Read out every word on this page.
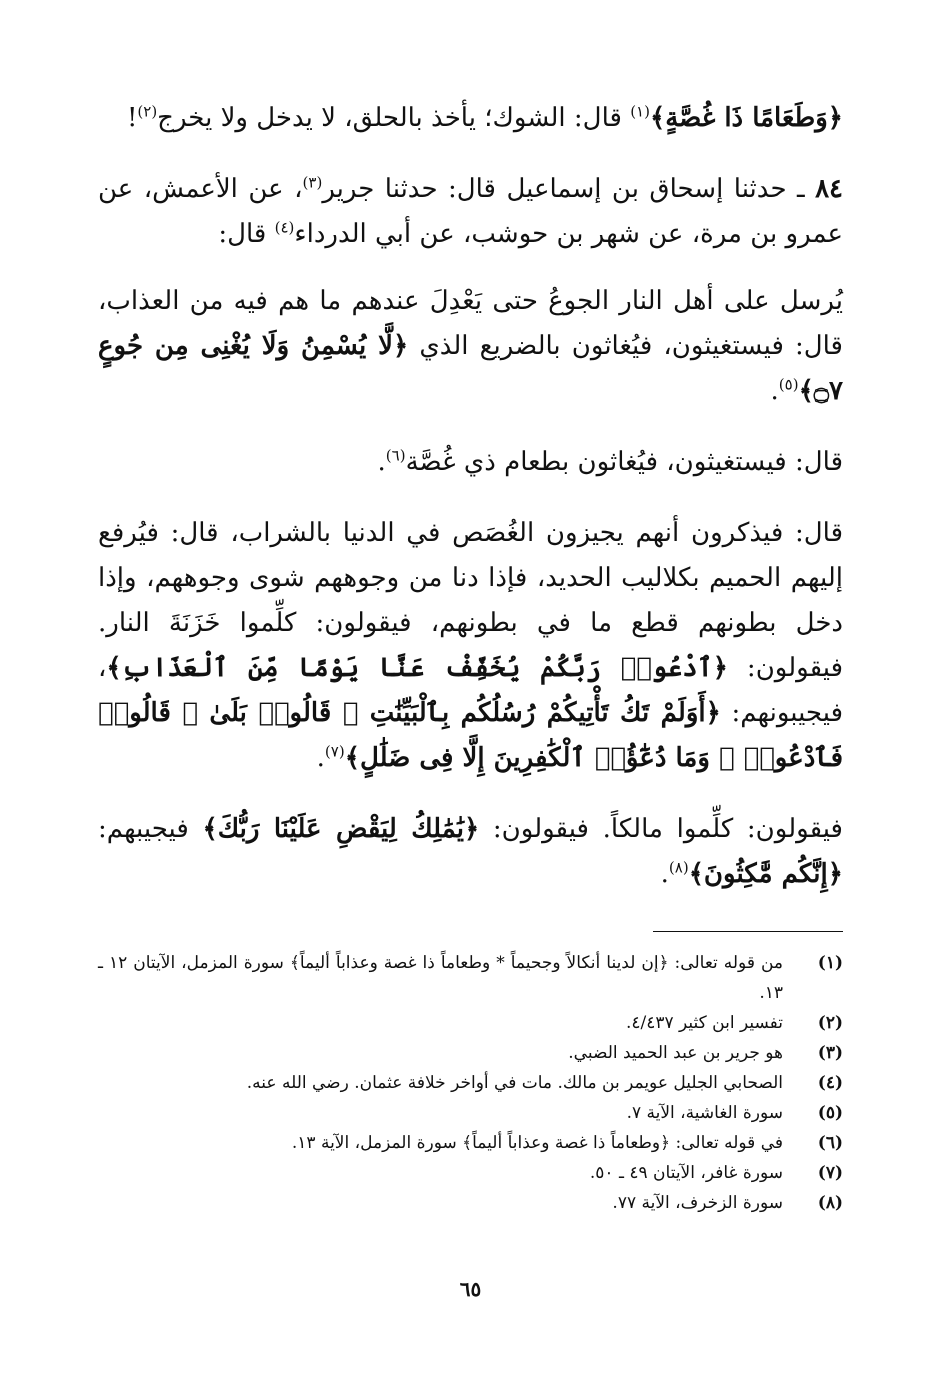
﴿وَطَعَامًا ذَا غُصَّةٍ﴾$^{(١)}$ قال: الشوك؛ يأخذ بالحلق، لا يدخل ولا يخرج$^{(٢)}$!

٨٤ ـ حدثنا إسحاق بن إسماعيل قال: حدثنا جرير$^{(٣)}$، عن الأعمش، عن عمرو بن مرة، عن شهر بن حوشب، عن أبي الدرداء$^{(٤)}$ قال:

يُرسل على أهل النار الجوعُ حتى يَعْدِلَ عندهم ما هم فيه من العذاب، قال: فيستغيثون، فيُغاثون بالضريع الذي ﴿لَّا يُسْمِنُ وَلَا يُغْنِى مِن جُوعٍ ۝٧﴾$^{(٥)}$.

قال: فيستغيثون، فيُغاثون بطعام ذي غُصَّة$^{(٦)}$.

قال: فيذكرون أنهم يجيزون الغُصَص في الدنيا بالشراب، قال: فيُرفع إليهم الحميم بكلاليب الحديد، فإذا دنا من وجوههم شوى وجوههم، وإذا دخل بطونهم قطع ما في بطونهم، فيقولون: كلِّموا خَزَنَةَ النار. فيقولون: ﴿ٱدْعُوا۟ رَبَّكُمْ يُخَفِّفْ عَنَّا يَوْمًا مِّنَ ٱلْعَذَابِ﴾، فيجيبونهم: ﴿أَوَلَمْ تَكُ تَأْتِيكُمْ رُسُلُكُم بِٱلْبَيِّنَٰتِ ۖ قَالُوا۟ بَلَىٰ ۚ قَالُوا۟ فَٱدْعُوا۟ ۗ وَمَا دُعَٰٓؤُا۟ ٱلْكَٰفِرِينَ إِلَّا فِى ضَلَٰلٍ﴾$^{(٧)}$.

فيقولون: كلِّموا مالكاً. فيقولون: ﴿يَٰمَٰلِكُ لِيَقْضِ عَلَيْنَا رَبُّكَ﴾ فيجيبهم: ﴿إِنَّكُم مَّٰكِثُونَ﴾$^{(٨)}$.

(١)
من قوله تعالى: ﴿إن لدينا أنكالاً وجحيماً * وطعاماً ذا غصة وعذاباً أليماً﴾ سورة المزمل، الآيتان ١٢ ـ ١٣.
(٢)
تفسير ابن كثير ٤/٤٣٧.
(٣)
هو جرير بن عبد الحميد الضبي.
(٤)
الصحابي الجليل عويمر بن مالك. مات في أواخر خلافة عثمان. رضي الله عنه.
(٥)
سورة الغاشية، الآية ٧.
(٦)
في قوله تعالى: ﴿وطعاماً ذا غصة وعذاباً أليماً﴾ سورة المزمل، الآية ١٣.
(٧)
سورة غافر، الآيتان ٤٩ ـ ٥٠.
(٨)
سورة الزخرف، الآية ٧٧.
٦٥
